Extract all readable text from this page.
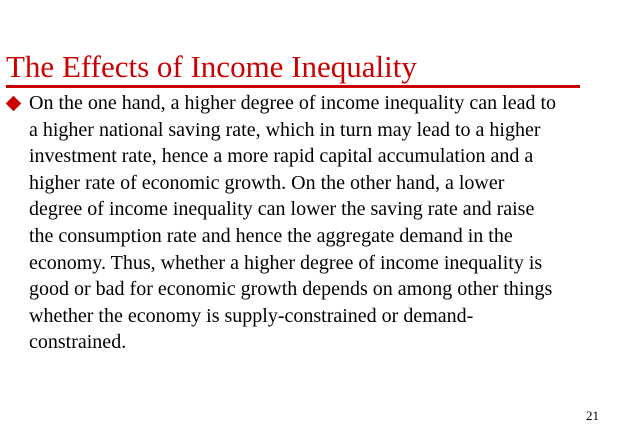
The Effects of Income Inequality
On the one hand, a higher degree of income inequality can lead to
a higher national saving rate, which in turn may lead to a higher
investment rate, hence a more rapid capital accumulation and a
higher rate of economic growth. On the other hand, a lower
degree of income inequality can lower the saving rate and raise
the consumption rate and hence the aggregate demand in the
economy. Thus, whether a higher degree of income inequality is
good or bad for economic growth depends on among other things
whether the economy is supply-constrained or demand-
constrained.
21
